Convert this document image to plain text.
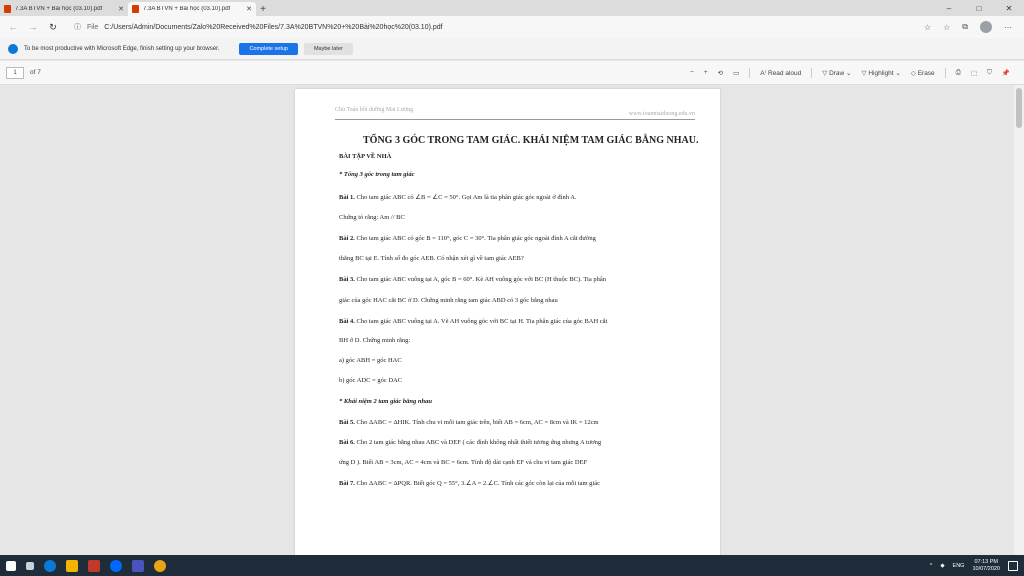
7.3A BTVN + Bài học (03.10).pdf	✕	7.3A BTVN + Bài học (03.10).pdf	✕ +	–	□	✕
← →	↻	ⓘ File C:/Users/Admin/Documents/Zalo%20Received%20Files/7.3A%20BTVN%20+%20Bài%20học%20(03.10).pdf	☆ ☆ ⧉	⋯
To be most productive with Microsoft Edge, finish setting up your browser.	Complete setup	Maybe later
1	of 7	− + ⟲ ▭	A⁾ Read aloud	▽ Draw ⌄ ▽ Highlight ⌄ ◇ Erase	⎙ ⬚ ⛉ 📌
Chủ Toán bồi dưỡng Mai Lượng
www.toanmaiduong.edu.vn
TỔNG 3 GÓC TRONG TAM GIÁC. KHÁI NIỆM TAM GIÁC BẰNG NHAU.
BÀI TẬP VỀ NHÀ
* Tổng 3 góc trong tam giác
Bài 1. Cho tam giác ABC có ∠B = ∠C = 50°. Gọi Am là tia phân giác góc ngoài ở đỉnh A.
Chứng tỏ rằng: Am // BC
Bài 2. Cho tam giác ABC có góc B = 110°, góc C = 30°. Tia phân giác góc ngoài đỉnh A cắt đường
thẳng BC tại E. Tính số đo góc AEB. Có nhận xét gì về tam giác AEB?
Bài 3. Cho tam giác ABC vuông tại A, góc B = 60°. Kẻ AH vuông góc với BC (H thuộc BC). Tia phân
giác của góc HAC cắt BC ở D. Chứng minh rằng tam giác ABD có 3 góc bằng nhau
Bài 4. Cho tam giác ABC vuông tại A. Vẽ AH vuông góc với BC tại H. Tia phân giác của góc BAH cắt
BH ở D. Chứng minh rằng:
a) góc ABH = góc HAC
b) góc ADC = góc DAC
* Khái niệm 2 tam giác bằng nhau
Bài 5. Cho ΔABC = ΔHIK. Tính chu vi mỗi tam giác trên, biết AB = 6cm, AC = 8cm và IK = 12cm
Bài 6. Cho 2 tam giác bằng nhau ABC và DEF ( các đỉnh không nhất thiết tương ứng nhưng A tương
ứng D ). Biết AB = 3cm, AC = 4cm và BC = 6cm. Tính độ dài cạnh EF và chu vi tam giác DEF
Bài 7. Cho ΔABC = ΔPQR. Biết góc Q = 55°, 3.∠A = 2.∠C. Tính các góc còn lại của mỗi tam giác
^ ◆ ENG
07:13 PM
10/07/2020
